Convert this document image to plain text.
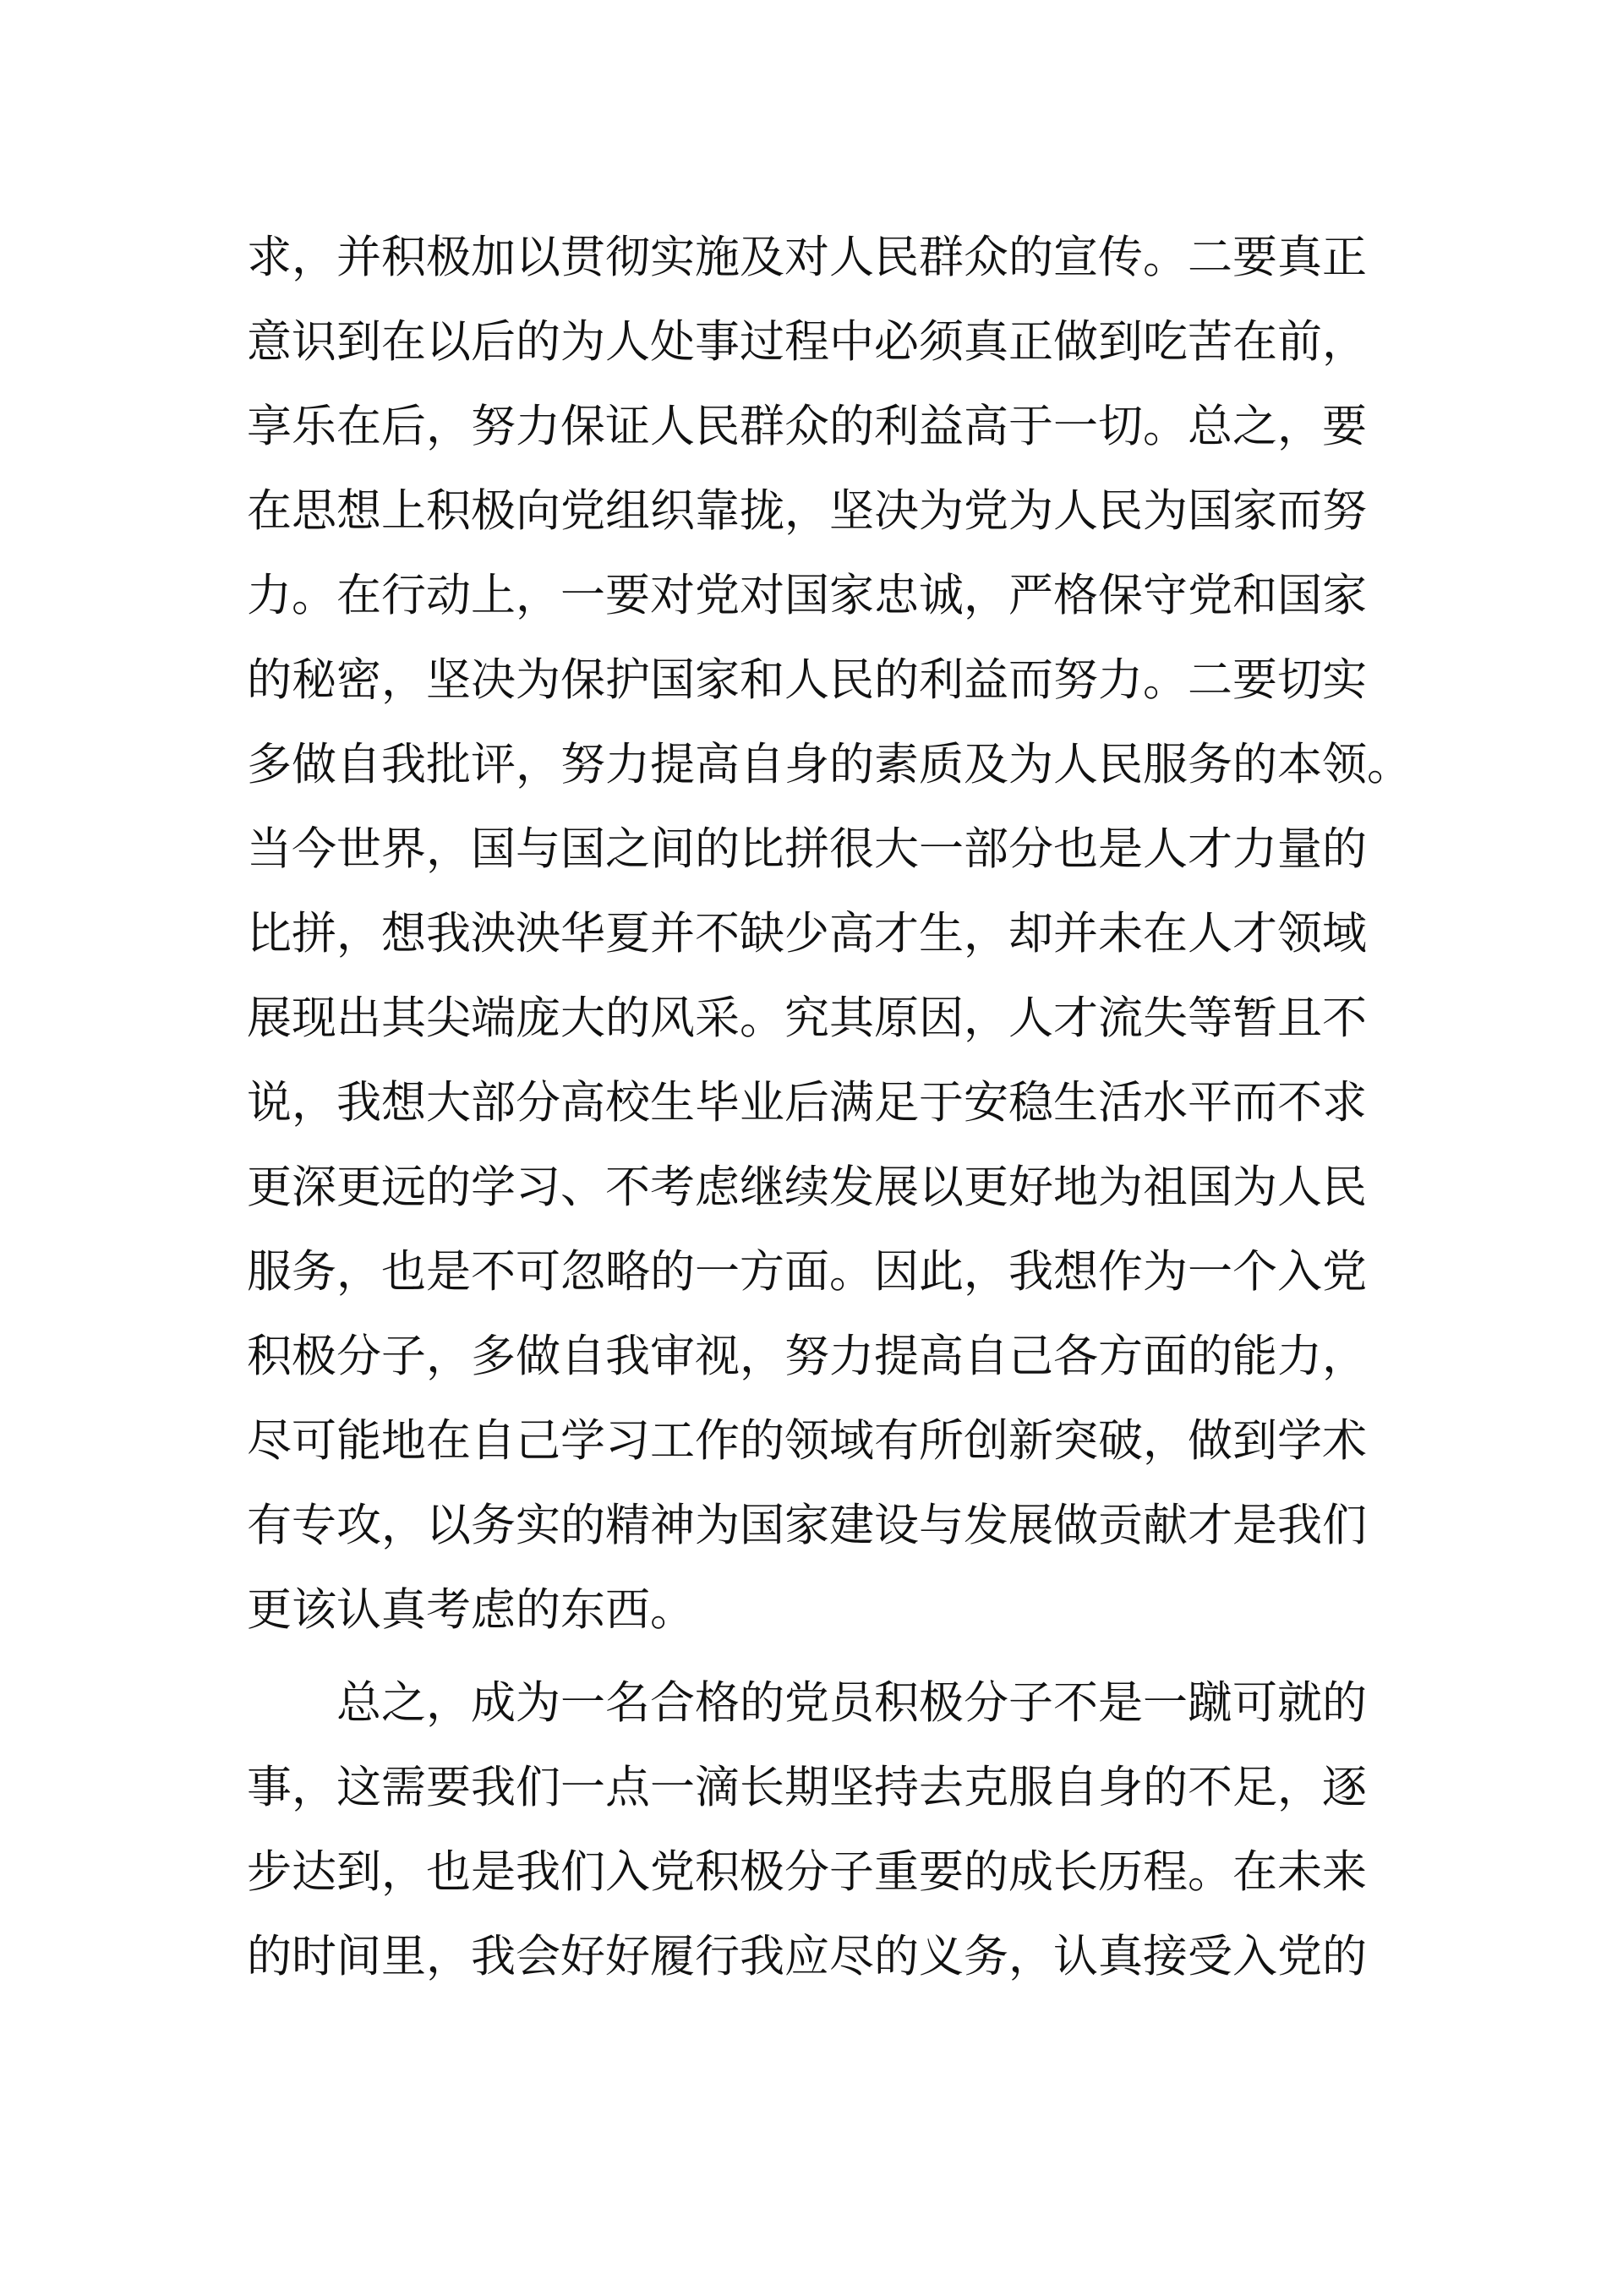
求，并积极加以贯彻实施及对人民群众的宣传。二要真正
意识到在以后的为人处事过程中必须真正做到吃苦在前，
享乐在后，努力保证人民群众的利益高于一切。总之，要
在思想上积极向党组织靠拢，坚决为党为人民为国家而努
力。在行动上，一要对党对国家忠诚，严格保守党和国家
的秘密，坚决为保护国家和人民的利益而努力。二要切实
多做自我批评，努力提高自身的素质及为人民服务的本领。
当今世界，国与国之间的比拼很大一部分也是人才力量的
比拼，想我泱泱华夏并不缺少高才生，却并未在人才领域
展现出其尖端庞大的风采。究其原因，人才流失等暂且不
说，我想大部分高校生毕业后满足于安稳生活水平而不求
更深更远的学习、不考虑继续发展以更好地为祖国为人民
服务，也是不可忽略的一方面。因此，我想作为一个入党
积极分子，多做自我审视，努力提高自己各方面的能力，
尽可能地在自己学习工作的领域有所创新突破，做到学术
有专攻，以务实的精神为国家建设与发展做贡献才是我们
更该认真考虑的东西。
总之，成为一名合格的党员积极分子不是一蹴可就的
事，这需要我们一点一滴长期坚持去克服自身的不足，逐
步达到，也是我们入党积极分子重要的成长历程。在未来
的时间里，我会好好履行我应尽的义务，认真接受入党的
